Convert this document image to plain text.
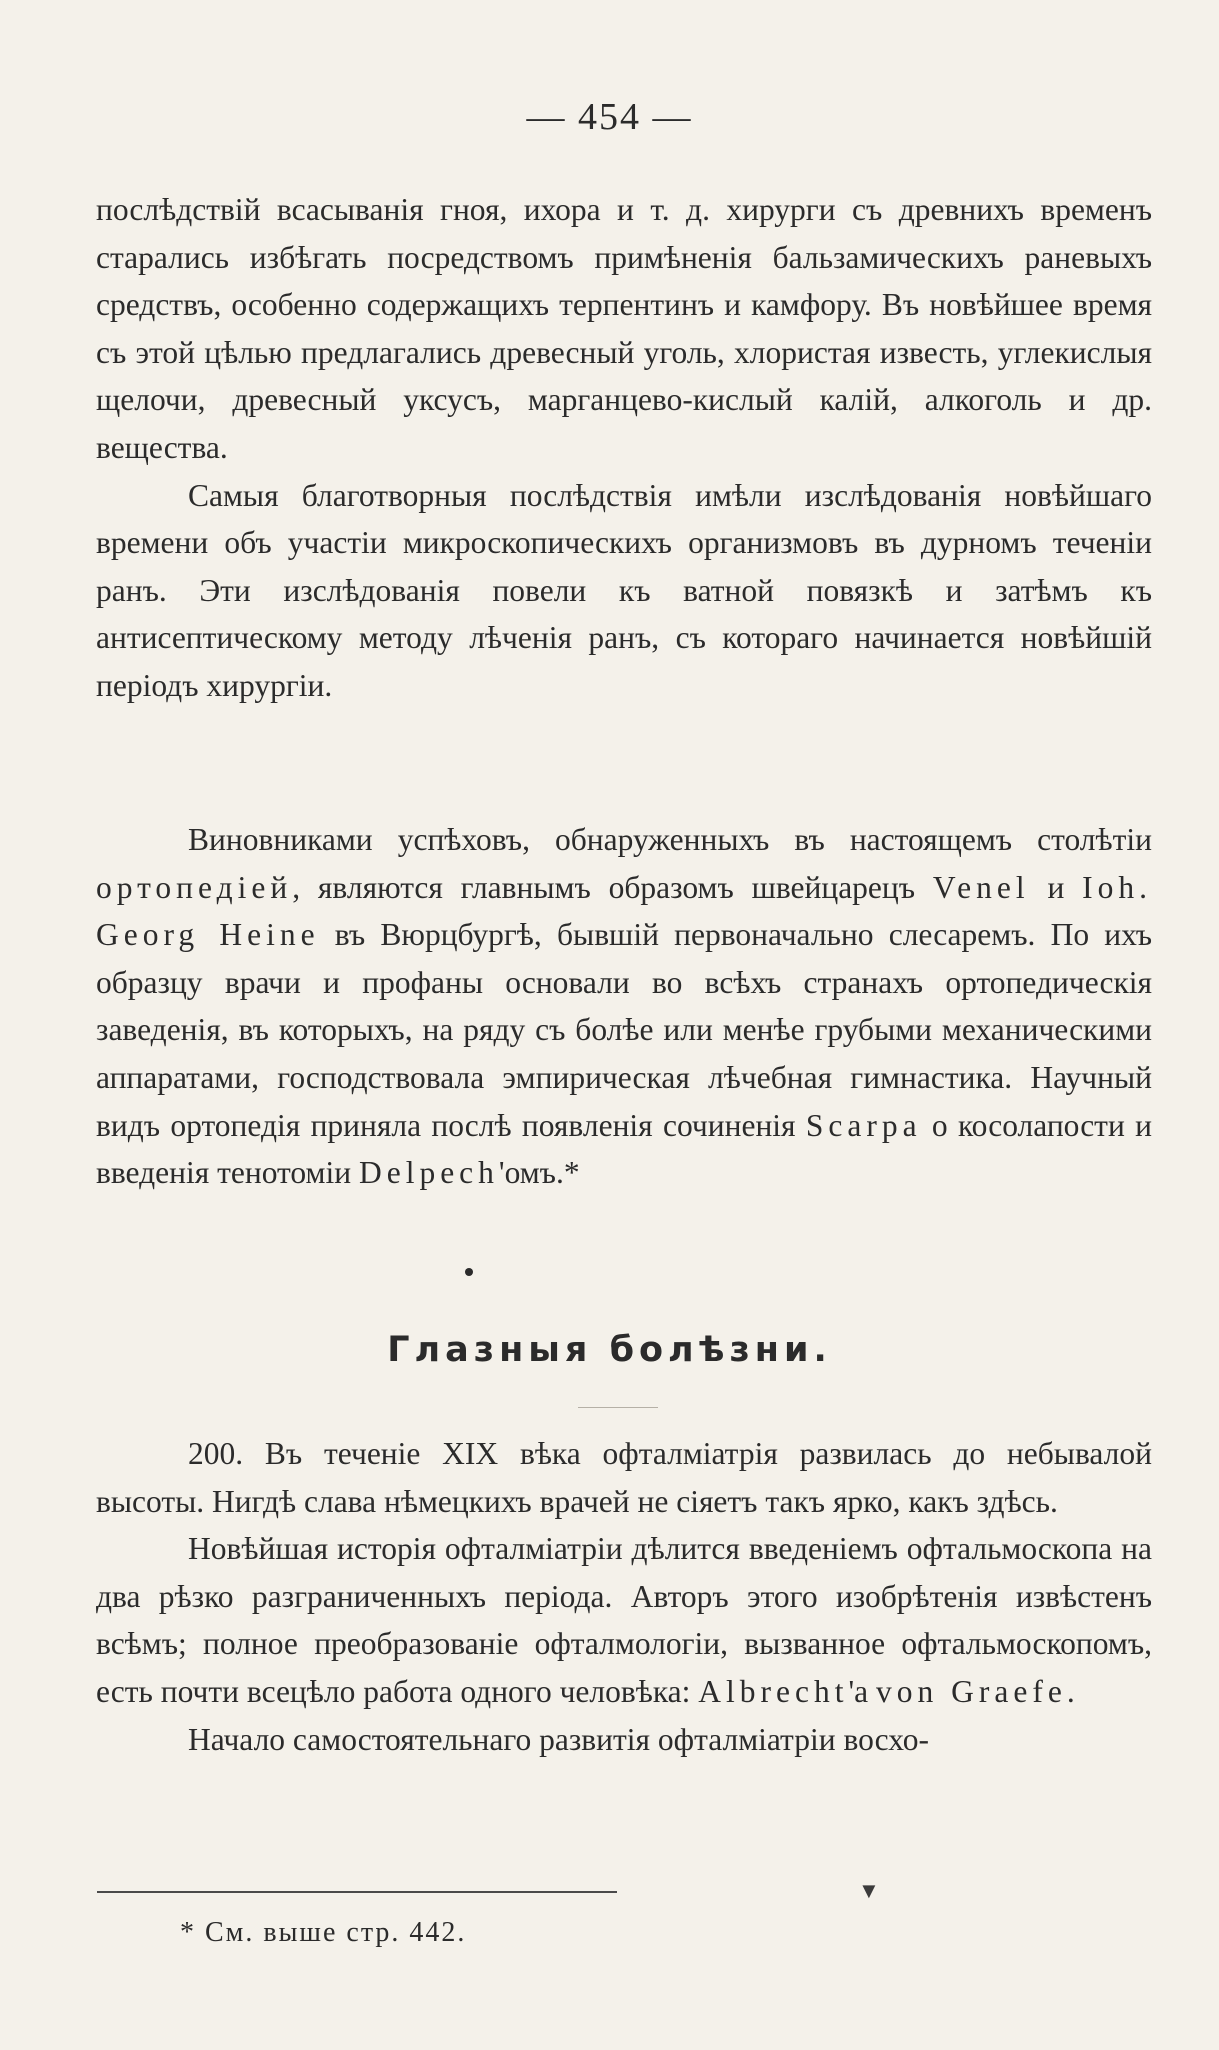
— 454 —

послѣдствій всасыванія гноя, ихора и т. д. хирурги съ древнихъ временъ старались избѣгать посредствомъ примѣненія бальзамическихъ раневыхъ средствъ, особенно содержащихъ терпентинъ и камфору. Въ новѣйшее время съ этой цѣлью предлагались древесный уголь, хлористая известь, углекислыя щелочи, древесный уксусъ, марганцево-кислый калій, алкоголь и др. вещества.

Самыя благотворныя послѣдствія имѣли изслѣдованія новѣйшаго времени объ участіи микроскопическихъ организмовъ въ дурномъ теченіи ранъ. Эти изслѣдованія повели къ ватной повязкѣ и затѣмъ къ антисептическому методу лѣченія ранъ, съ котораго начинается новѣйшій періодъ хирургіи.

Виновниками успѣховъ, обнаруженныхъ въ настоящемъ столѣтіи ортопедіей, являются главнымъ образомъ швейцарецъ Venel и Ioh. Georg Heine въ Вюрцбургѣ, бывшій первоначально слесаремъ. По ихъ образцу врачи и профаны основали во всѣхъ странахъ ортопедическія заведенія, въ которыхъ, на ряду съ болѣе или менѣе грубыми механическими аппаратами, господствовала эмпирическая лѣчебная гимнастика. Научный видъ ортопедія приняла послѣ появленія сочиненія Scarpa о косолапости и введенія тенотоміи Delpech'омъ.*

Глазныя болѣзни.

200. Въ теченіе XIX вѣка офталміатрія развилась до небывалой высоты. Нигдѣ слава нѣмецкихъ врачей не сіяетъ такъ ярко, какъ здѣсь.

Новѣйшая исторія офталміатріи дѣлится введеніемъ офтальмоскопа на два рѣзко разграниченныхъ періода. Авторъ этого изобрѣтенія извѣстенъ всѣмъ; полное преобразованіе офталмологіи, вызванное офтальмоскопомъ, есть почти всецѣло работа одного человѣка: Albrecht'a von Graefe.

Начало самостоятельнаго развитія офталміатріи восхо-

▼
* См. выше стр. 442.
